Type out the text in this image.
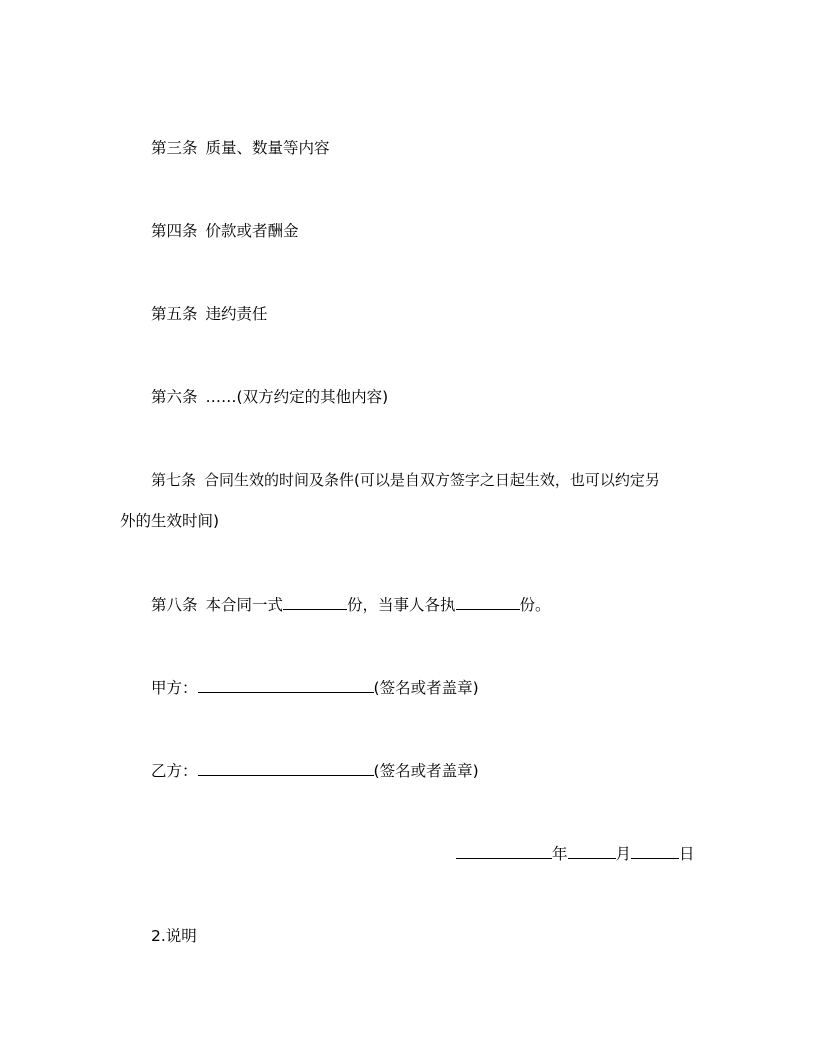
第三条 质量、数量等内容
第四条 价款或者酬金
第五条 违约责任
第六条 ……(双方约定的其他内容)
第七条 合同生效的时间及条件(可以是自双方签字之日起生效，也可以约定另
外的生效时间)
第八条 本合同一式	份，当事人各执	份。
甲方：	(签名或者盖章)
乙方：	(签名或者盖章)
年	月	日
2.说明
